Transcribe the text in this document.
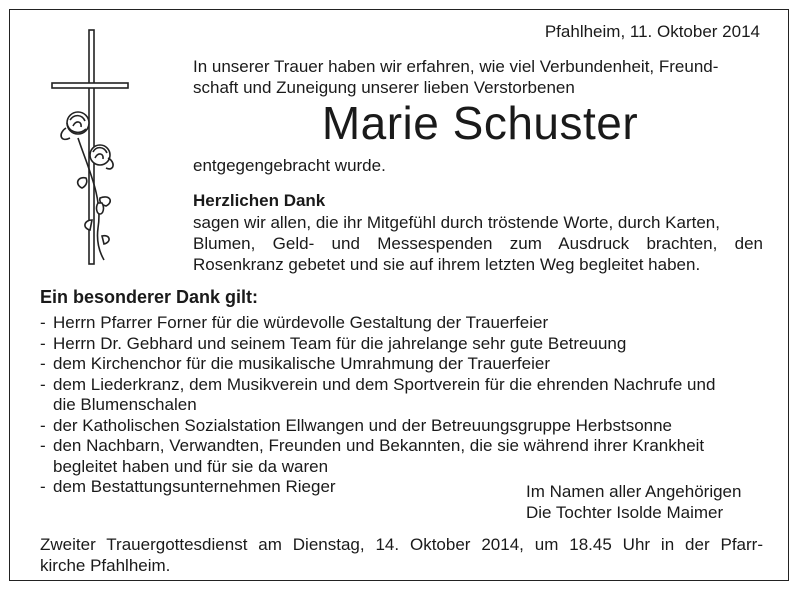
Pfahlheim, 11. Oktober 2014
In unserer Trauer haben wir erfahren, wie viel Verbundenheit, Freund-
schaft und Zuneigung unserer lieben Verstorbenen
Marie Schuster
entgegengebracht wurde.
Herzlichen Dank
sagen wir allen, die ihr Mitgefühl durch tröstende Worte, durch Karten,
Blumen, Geld- und Messespenden zum Ausdruck brachten, den
Rosenkranz gebetet und sie auf ihrem letzten Weg begleitet haben.
Ein besonderer Dank gilt:
- Herrn Pfarrer Forner für die würdevolle Gestaltung der Trauerfeier
- Herrn Dr. Gebhard und seinem Team für die jahrelange sehr gute Betreuung
- dem Kirchenchor für die musikalische Umrahmung der Trauerfeier
- dem Liederkranz, dem Musikverein und dem Sportverein für die ehrenden Nachrufe und
die Blumenschalen
- der Katholischen Sozialstation Ellwangen und der Betreuungsgruppe Herbstsonne
- den Nachbarn, Verwandten, Freunden und Bekannten, die sie während ihrer Krankheit
begleitet haben und für sie da waren
- dem Bestattungsunternehmen Rieger	Im Namen aller Angehörigen
Die Tochter Isolde Maimer
Zweiter Trauergottesdienst am Dienstag, 14. Oktober 2014, um 18.45 Uhr in der Pfarr-
kirche Pfahlheim.
